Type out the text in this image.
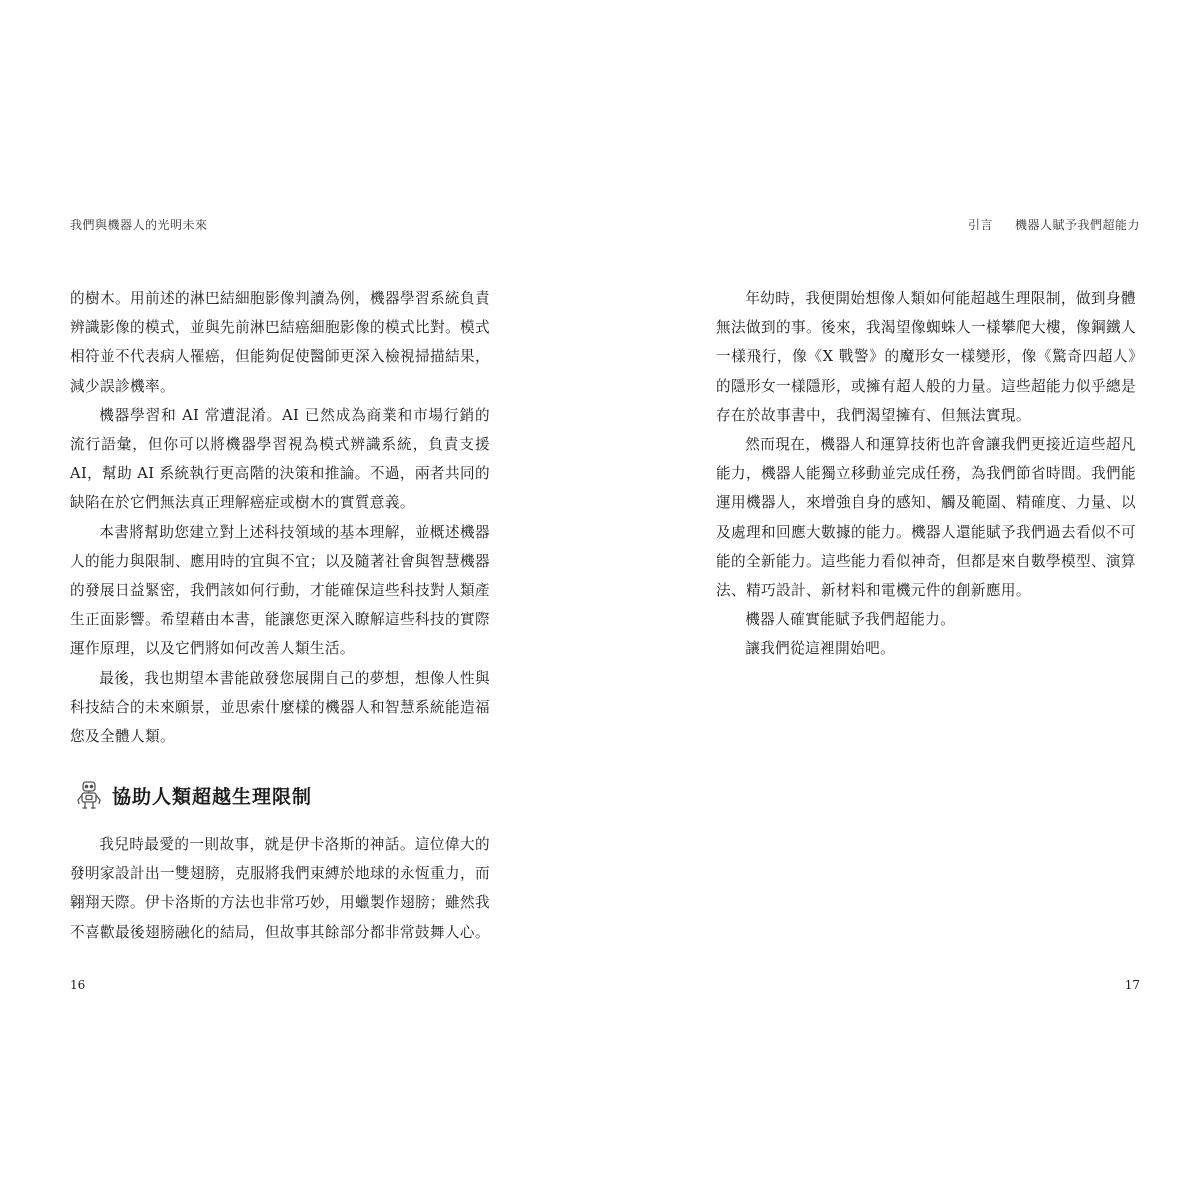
我們與機器人的光明未來

的樹木。用前述的淋巴結細胞影像判讀為例，機器學習系統負責辨識影像的模式，並與先前淋巴結癌細胞影像的模式比對。模式相符並不代表病人罹癌，但能夠促使醫師更深入檢視掃描結果，減少誤診機率。

機器學習和 AI 常遭混淆。AI 已然成為商業和市場行銷的流行語彙，但你可以將機器學習視為模式辨識系統，負責支援 AI，幫助 AI 系統執行更高階的決策和推論。不過，兩者共同的缺陷在於它們無法真正理解癌症或樹木的實質意義。

本書將幫助您建立對上述科技領域的基本理解，並概述機器人的能力與限制、應用時的宜與不宜；以及隨著社會與智慧機器的發展日益緊密，我們該如何行動，才能確保這些科技對人類產生正面影響。希望藉由本書，能讓您更深入瞭解這些科技的實際運作原理，以及它們將如何改善人類生活。

最後，我也期望本書能啟發您展開自己的夢想，想像人性與科技結合的未來願景，並思索什麼樣的機器人和智慧系統能造福您及全體人類。

協助人類超越生理限制

我兒時最愛的一則故事，就是伊卡洛斯的神話。這位偉大的發明家設計出一雙翅膀，克服將我們束縛於地球的永恆重力，而翱翔天際。伊卡洛斯的方法也非常巧妙，用蠟製作翅膀；雖然我不喜歡最後翅膀融化的結局，但故事其餘部分都非常鼓舞人心。

16
引言 機器人賦予我們超能力

年幼時，我便開始想像人類如何能超越生理限制，做到身體無法做到的事。後來，我渴望像蜘蛛人一樣攀爬大樓，像鋼鐵人一樣飛行，像《X 戰警》的魔形女一樣變形，像《驚奇四超人》的隱形女一樣隱形，或擁有超人般的力量。這些超能力似乎總是存在於故事書中，我們渴望擁有、但無法實現。

然而現在，機器人和運算技術也許會讓我們更接近這些超凡能力，機器人能獨立移動並完成任務，為我們節省時間。我們能運用機器人，來增強自身的感知、觸及範圍、精確度、力量、以及處理和回應大數據的能力。機器人還能賦予我們過去看似不可能的全新能力。這些能力看似神奇，但都是來自數學模型、演算法、精巧設計、新材料和電機元件的創新應用。

機器人確實能賦予我們超能力。

讓我們從這裡開始吧。

17
